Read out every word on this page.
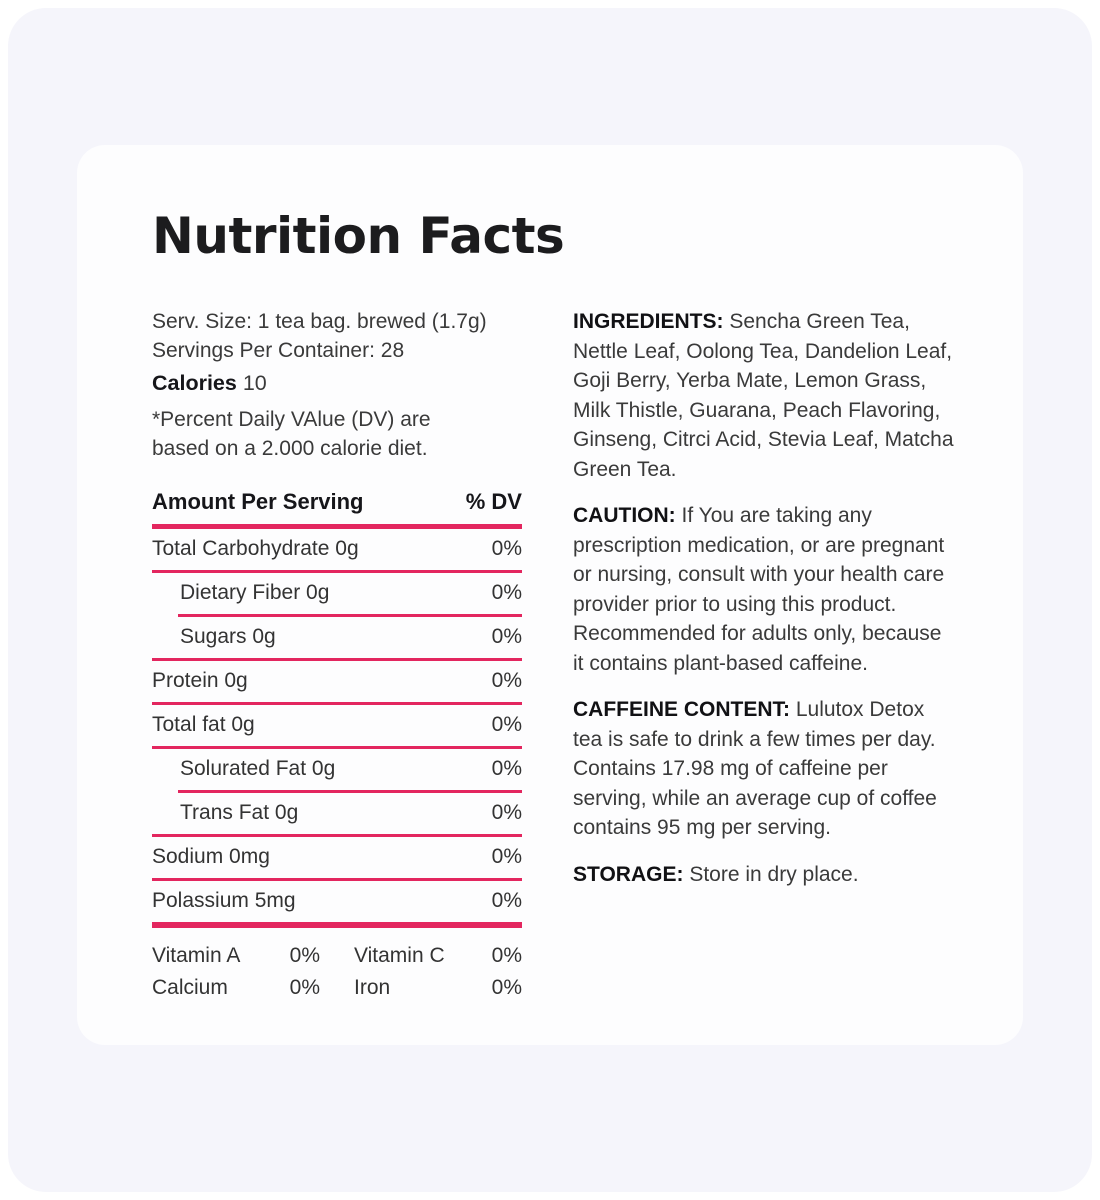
Nutrition Facts
Serv. Size: 1 tea bag. brewed (1.7g)
Servings Per Container: 28
Calories 10
*Percent Daily VAlue (DV) are
based on a 2.000 calorie diet.
Amount Per Serving	% DV
Total Carbohydrate 0g	0%
Dietary Fiber 0g	0%
Sugars 0g	0%
Protein 0g	0%
Total fat 0g	0%
Solurated Fat 0g	0%
Trans Fat 0g	0%
Sodium 0mg	0%
Polassium 5mg	0%
Vitamin A	0%	Vitamin C	0%
Calcium	0%	Iron	0%
INGREDIENTS: Sencha Green Tea, Nettle Leaf, Oolong Tea, Dandelion Leaf, Goji Berry, Yerba Mate, Lemon Grass, Milk Thistle, Guarana, Peach Flavoring, Ginseng, Citrci Acid, Stevia Leaf, Matcha Green Tea.
CAUTION: If You are taking any prescription medication, or are pregnant or nursing, consult with your health care provider prior to using this product.
Recommended for adults only, because it contains plant-based caffeine.
CAFFEINE CONTENT: Lulutox Detox tea is safe to drink a few times per day. Contains 17.98 mg of caffeine per serving, while an average cup of coffee contains 95 mg per serving.
STORAGE: Store in dry place.
